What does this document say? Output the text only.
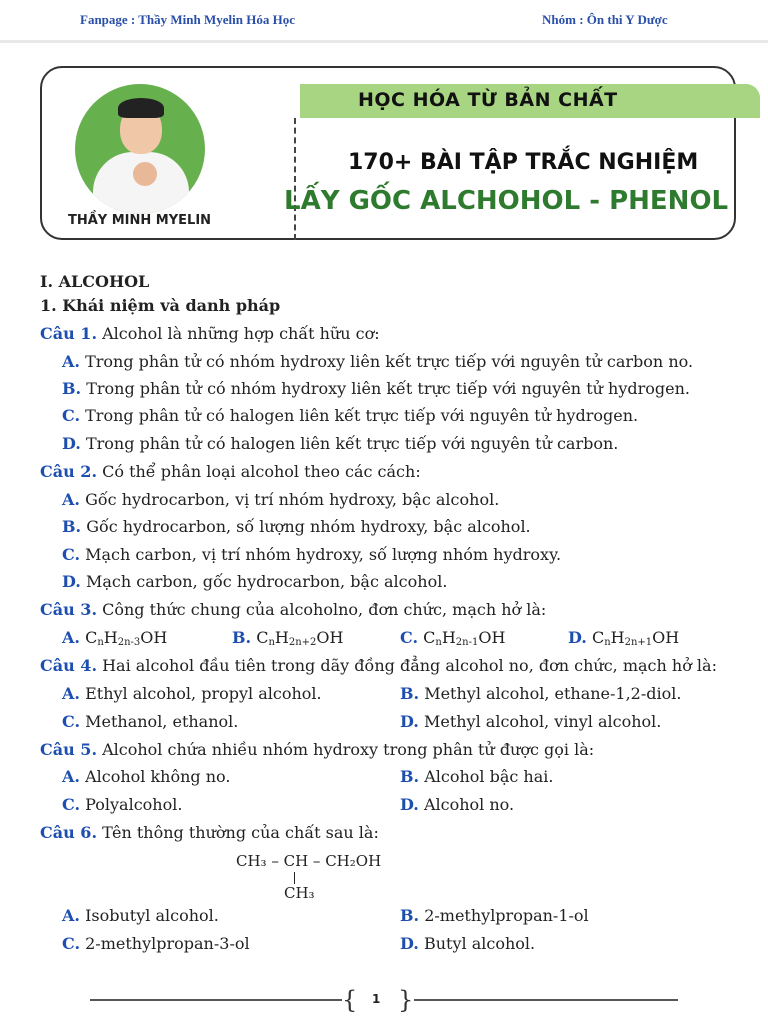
Fanpage : Thầy Minh Myelin Hóa Học	Nhóm : Ôn thi Y Dược
THẦY MINH MYELIN
HỌC HÓA TỪ BẢN CHẤT
170+ BÀI TẬP TRẮC NGHIỆM
LẤY GỐC ALCHOHOL - PHENOL
I. ALCOHOL
1. Khái niệm và danh pháp
Câu 1. Alcohol là những hợp chất hữu cơ:
A. Trong phân tử có nhóm hydroxy liên kết trực tiếp với nguyên tử carbon no.
B. Trong phân tử có nhóm hydroxy liên kết trực tiếp với nguyên tử hydrogen.
C. Trong phân tử có halogen liên kết trực tiếp với nguyên tử hydrogen.
D. Trong phân tử có halogen liên kết trực tiếp với nguyên tử carbon.
Câu 2. Có thể phân loại alcohol theo các cách:
A. Gốc hydrocarbon, vị trí nhóm hydroxy, bậc alcohol.
B. Gốc hydrocarbon, số lượng nhóm hydroxy, bậc alcohol.
C. Mạch carbon, vị trí nhóm hydroxy, số lượng nhóm hydroxy.
D. Mạch carbon, gốc hydrocarbon, bậc alcohol.
Câu 3. Công thức chung của alcoholno, đơn chức, mạch hở là:
A. $C_nH_{2n-3}OH$	B. $C_nH_{2n+2}OH$	C. $C_nH_{2n-1}OH$	D. $C_nH_{2n+1}OH$
Câu 4. Hai alcohol đầu tiên trong dãy đồng đẳng alcohol no, đơn chức, mạch hở là:
A. Ethyl alcohol, propyl alcohol.	B. Methyl alcohol, ethane-1,2-diol.
C. Methanol, ethanol.	D. Methyl alcohol, vinyl alcohol.
Câu 5. Alcohol chứa nhiều nhóm hydroxy trong phân tử được gọi là:
A. Alcohol không no.	B. Alcohol bậc hai.
C. Polyalcohol.	D. Alcohol no.
Câu 6. Tên thông thường của chất sau là:
CH₃ – CH – CH₂OH
CH₃
A. Isobutyl alcohol.	B. 2-methylpropan-1-ol
C. 2-methylpropan-3-ol	D. Butyl alcohol.
{ 1 }
